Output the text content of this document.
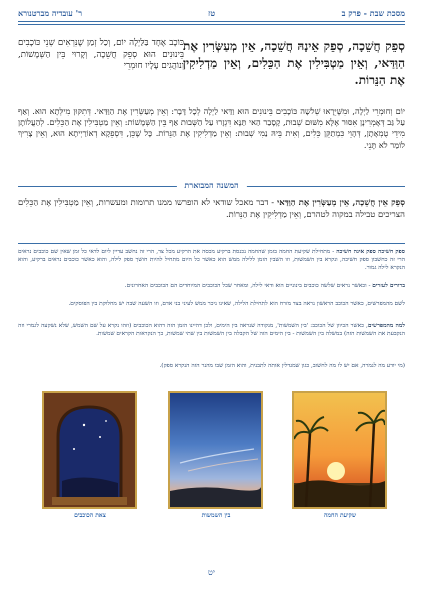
מסכת שבת - פרק ב
טז
ר' עובדיה מברטנורא
סְפֵק חֲשֵׁכָה, סְפֵק אֵינָהּ חֲשֵׁכָה, אֵין מְעַשְּׂרִין אֶת הַוַּדַּאי, וְאֵין מַטְבִּילִין אֶת הַכֵּלִים, וְאֵין מַדְלִיקִין אֶת הַנֵּרוֹת.
כּוֹכָב אֶחָד בַּלַּיְלָה יוֹם, וְכַל זְמַן שֶׁנִּרְאִים שְׁנֵי כּוֹכָבִים בֵּינוּנִים הוּא סְפֵק חֲשֵׁכָה, וְקָרוּי בֵּין הַשְּׁמָשׁוֹת, וְנוֹהֲגִים עָלָיו חוּמְרֵי
יוֹם וְחוּמְרֵי לַיְלָה, וּמִשֶּׁיֵּרָאוּ שְׁלשָׁה כּוֹכָבִים בֵּינוּנִים הוּא וַדַּאי לַיְלָה לְכָל דָּבָר: וְאֵין מְעַשְּׂרִין אֶת הַוַּדַּאי. דְּתִקּוּן מִילְּתָא הוּא. וְאַף עַל גַּב דְּאָמְרִינָן אִסּוּר אֶלָּא מִשּׁוּם שְׁבוּת, קָסָבַר הַאי תַּנָּא דִּגְזָרוּ עַל הַשְּׁבוּת אַף בֵּין הַשְּׁמָשׁוֹת: וְאֵין מַטְבִּילִין אֶת הַכֵּלִים. לְהַעֲלוֹתָן מִידֵי טֻמְאָתָן, דְּהָוֵי כִּמְתַקֵּן כֵּלִים, וְאִית בֵּיהּ נַמִי שְׁבוּת: וְאֵין מַדְלִיקִין אֶת הַנֵּרוֹת. כָּל שֶׁכֵּן, דִּסְפֵקָא דְאוֹרַיְיתָא הוּא, וְאֵין צָרִיךְ לוֹמַר לֹא תָּנֵי.
המשנה המבוארת
סְפֵק אֵין חֲשֵׁכָה, אֵין מְעַשְּׂרִין אֶת הַוַּדַּאי - דבר מאכל שודאי לא הופרשו ממנו תרומות ומעשרות, וְאֵין מַטְבִּילִין אֶת הַכֵּלִים הצריכים טבילה במקוה לטהרם, וְאֵין מַדְלִיקִין אֶת הַנֵּרוֹת.
ספק חשיכה ספק אינה חשיכה - מתחילת שקיעת החמה בזמן שהחמה נכנסת ברקיע מכסה את הרקיע מכל צד, הרי זה נחשב עדיין ליום לדאי כל זמן שאין שם כוכבים נראים הרי זה כחשבון ספק חשיכה, ונקרא בין השמשות, וזו השבין הזמן ללילה ממש הוא כאשר כל היום מתחיל להיות חושך ספק לילה, והוא כאשר כוכבים נראים ברקיע, והוא הנקרא לילה גמור.
ברורים לעזרים - וכאשר נראים שלשה כוכבים בינוניים הוא ודאי לילה, ומאחר שכל הכוכבים המיוחדים הם הכוכבים האחרונים.
לשם מהמפרשים, כאשר הכוכב הראשון נראה בצד מזרח הוא לתחילת הלילה, שאינו ניכר ממש לעיני בני אדם, וזו השעה שבה יש מחלוקת בין הפוסקים.
למה מהמפרשים, כאשר הכיוון של הכוכב: 'בין השמשות', מנקודה שנראה בין הימים, ולכן דהיינו הזמן הזה דהוא הכוכבים (וזהו נקרא על שם השמש, שלא נשקעה לגמרי וזה הנקבעת את השמשות הזה) במשלה בין השמשות - בין הימים הזה של הקבלה בין השמשות בין שתי שמשות, כך הנקראות הקראים שמשות.
(מי יודע מה לגמרה, אם יש לו מה לחשוב, כגון שמגדלין אותה לתבנית, והוא הזמן שבו מהנר הזה הנקרא ספק).
שקיעת החמה
בין השמשות
צאת הכוכבים
יט
